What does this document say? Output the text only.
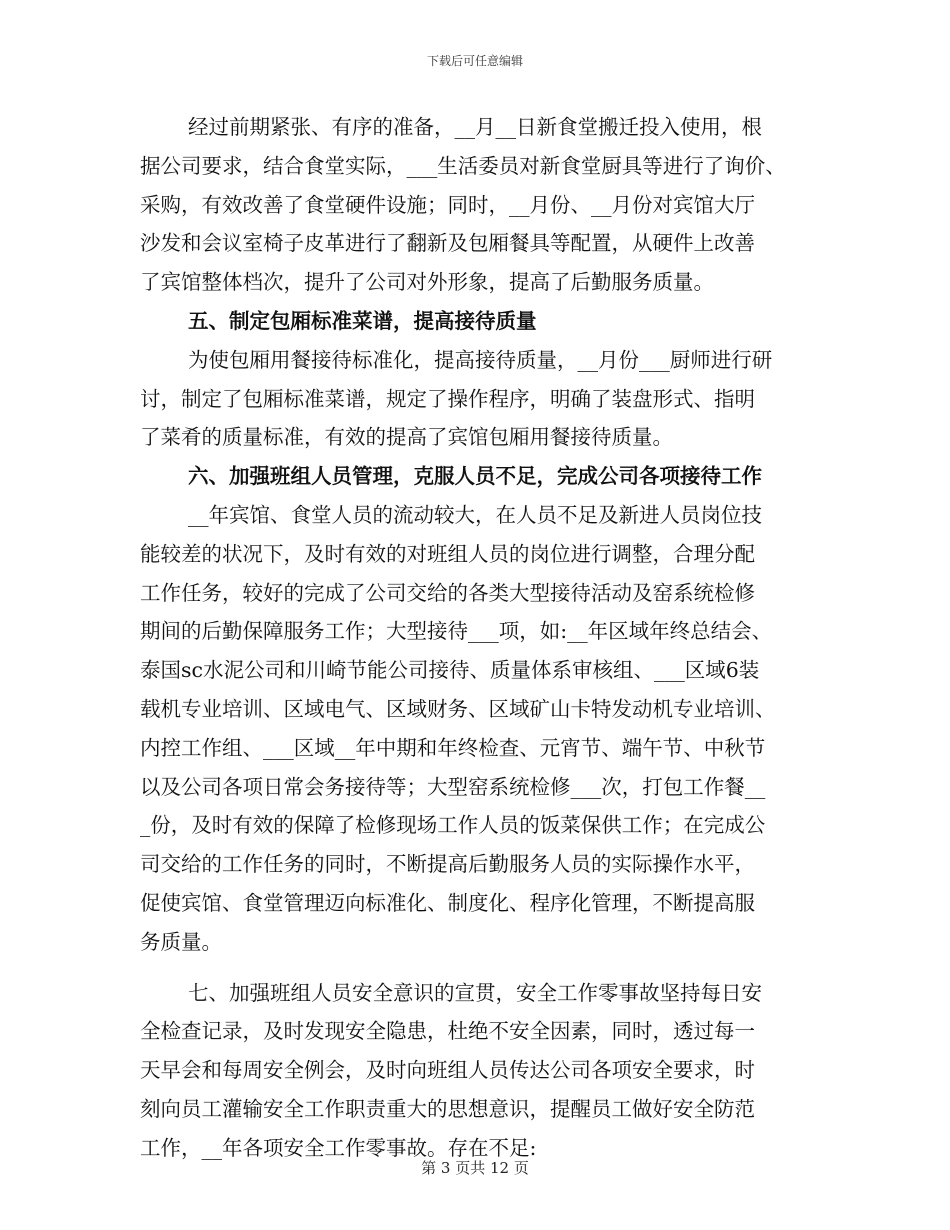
下载后可任意编辑
经过前期紧张、有序的准备，__月__日新食堂搬迁投入使用，根
据公司要求，结合食堂实际，___生活委员对新食堂厨具等进行了询价、
采购，有效改善了食堂硬件设施；同时，__月份、__月份对宾馆大厅
沙发和会议室椅子皮革进行了翻新及包厢餐具等配置，从硬件上改善
了宾馆整体档次，提升了公司对外形象，提高了后勤服务质量。
五、制定包厢标准菜谱，提高接待质量
为使包厢用餐接待标准化，提高接待质量，__月份___厨师进行研
讨，制定了包厢标准菜谱，规定了操作程序，明确了装盘形式、指明
了菜肴的质量标准，有效的提高了宾馆包厢用餐接待质量。
六、加强班组人员管理，克服人员不足，完成公司各项接待工作
__年宾馆、食堂人员的流动较大，在人员不足及新进人员岗位技
能较差的状况下，及时有效的对班组人员的岗位进行调整，合理分配
工作任务，较好的完成了公司交给的各类大型接待活动及窑系统检修
期间的后勤保障服务工作；大型接待___项，如:__年区域年终总结会、
泰国sc水泥公司和川崎节能公司接待、质量体系审核组、___区域6装
载机专业培训、区域电气、区域财务、区域矿山卡特发动机专业培训、
内控工作组、___区域__年中期和年终检查、元宵节、端午节、中秋节
以及公司各项日常会务接待等；大型窑系统检修___次，打包工作餐__
_份，及时有效的保障了检修现场工作人员的饭菜保供工作；在完成公
司交给的工作任务的同时，不断提高后勤服务人员的实际操作水平，
促使宾馆、食堂管理迈向标准化、制度化、程序化管理，不断提高服
务质量。
七、加强班组人员安全意识的宣贯，安全工作零事故坚持每日安
全检查记录，及时发现安全隐患，杜绝不安全因素，同时，透过每一
天早会和每周安全例会，及时向班组人员传达公司各项安全要求，时
刻向员工灌输安全工作职责重大的思想意识，提醒员工做好安全防范
工作，__年各项安全工作零事故。存在不足:
第 3 页共 12 页
